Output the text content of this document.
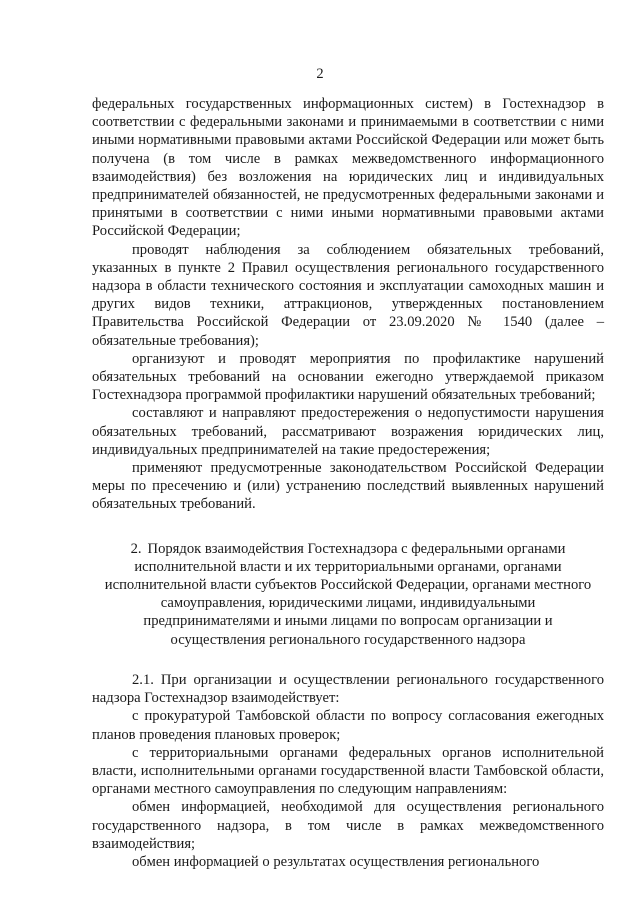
2

федеральных государственных информационных систем) в Гостехнадзор в соответствии с федеральными законами и принимаемыми в соответствии с ними иными нормативными правовыми актами Российской Федерации или может быть получена (в том числе в рамках межведомственного информационного взаимодействия) без возложения на юридических лиц и индивидуальных предпринимателей обязанностей, не предусмотренных федеральными законами и принятыми в соответствии с ними иными нормативными правовыми актами Российской Федерации;

проводят наблюдения за соблюдением обязательных требований, указанных в пункте 2 Правил осуществления регионального государственного надзора в области технического состояния и эксплуатации самоходных машин и других видов техники, аттракционов, утвержденных постановлением Правительства Российской Федерации от 23.09.2020 № 1540 (далее – обязательные требования);

организуют и проводят мероприятия по профилактике нарушений обязательных требований на основании ежегодно утверждаемой приказом Гостехнадзора программой профилактики нарушений обязательных требований;

составляют и направляют предостережения о недопустимости нарушения обязательных требований, рассматривают возражения юридических лиц, индивидуальных предпринимателей на такие предостережения;

применяют предусмотренные законодательством Российской Федерации меры по пресечению и (или) устранению последствий выявленных нарушений обязательных требований.

2. Порядок взаимодействия Гостехнадзора с федеральными органами исполнительной власти и их территориальными органами, органами исполнительной власти субъектов Российской Федерации, органами местного самоуправления, юридическими лицами, индивидуальными предпринимателями и иными лицами по вопросам организации и осуществления регионального государственного надзора

2.1. При организации и осуществлении регионального государственного надзора Гостехнадзор взаимодействует:

с прокуратурой Тамбовской области по вопросу согласования ежегодных планов проведения плановых проверок;

с территориальными органами федеральных органов исполнительной власти, исполнительными органами государственной власти Тамбовской области, органами местного самоуправления по следующим направлениям:

обмен информацией, необходимой для осуществления регионального государственного надзора, в том числе в рамках межведомственного взаимодействия;

обмен информацией о результатах осуществления регионального
